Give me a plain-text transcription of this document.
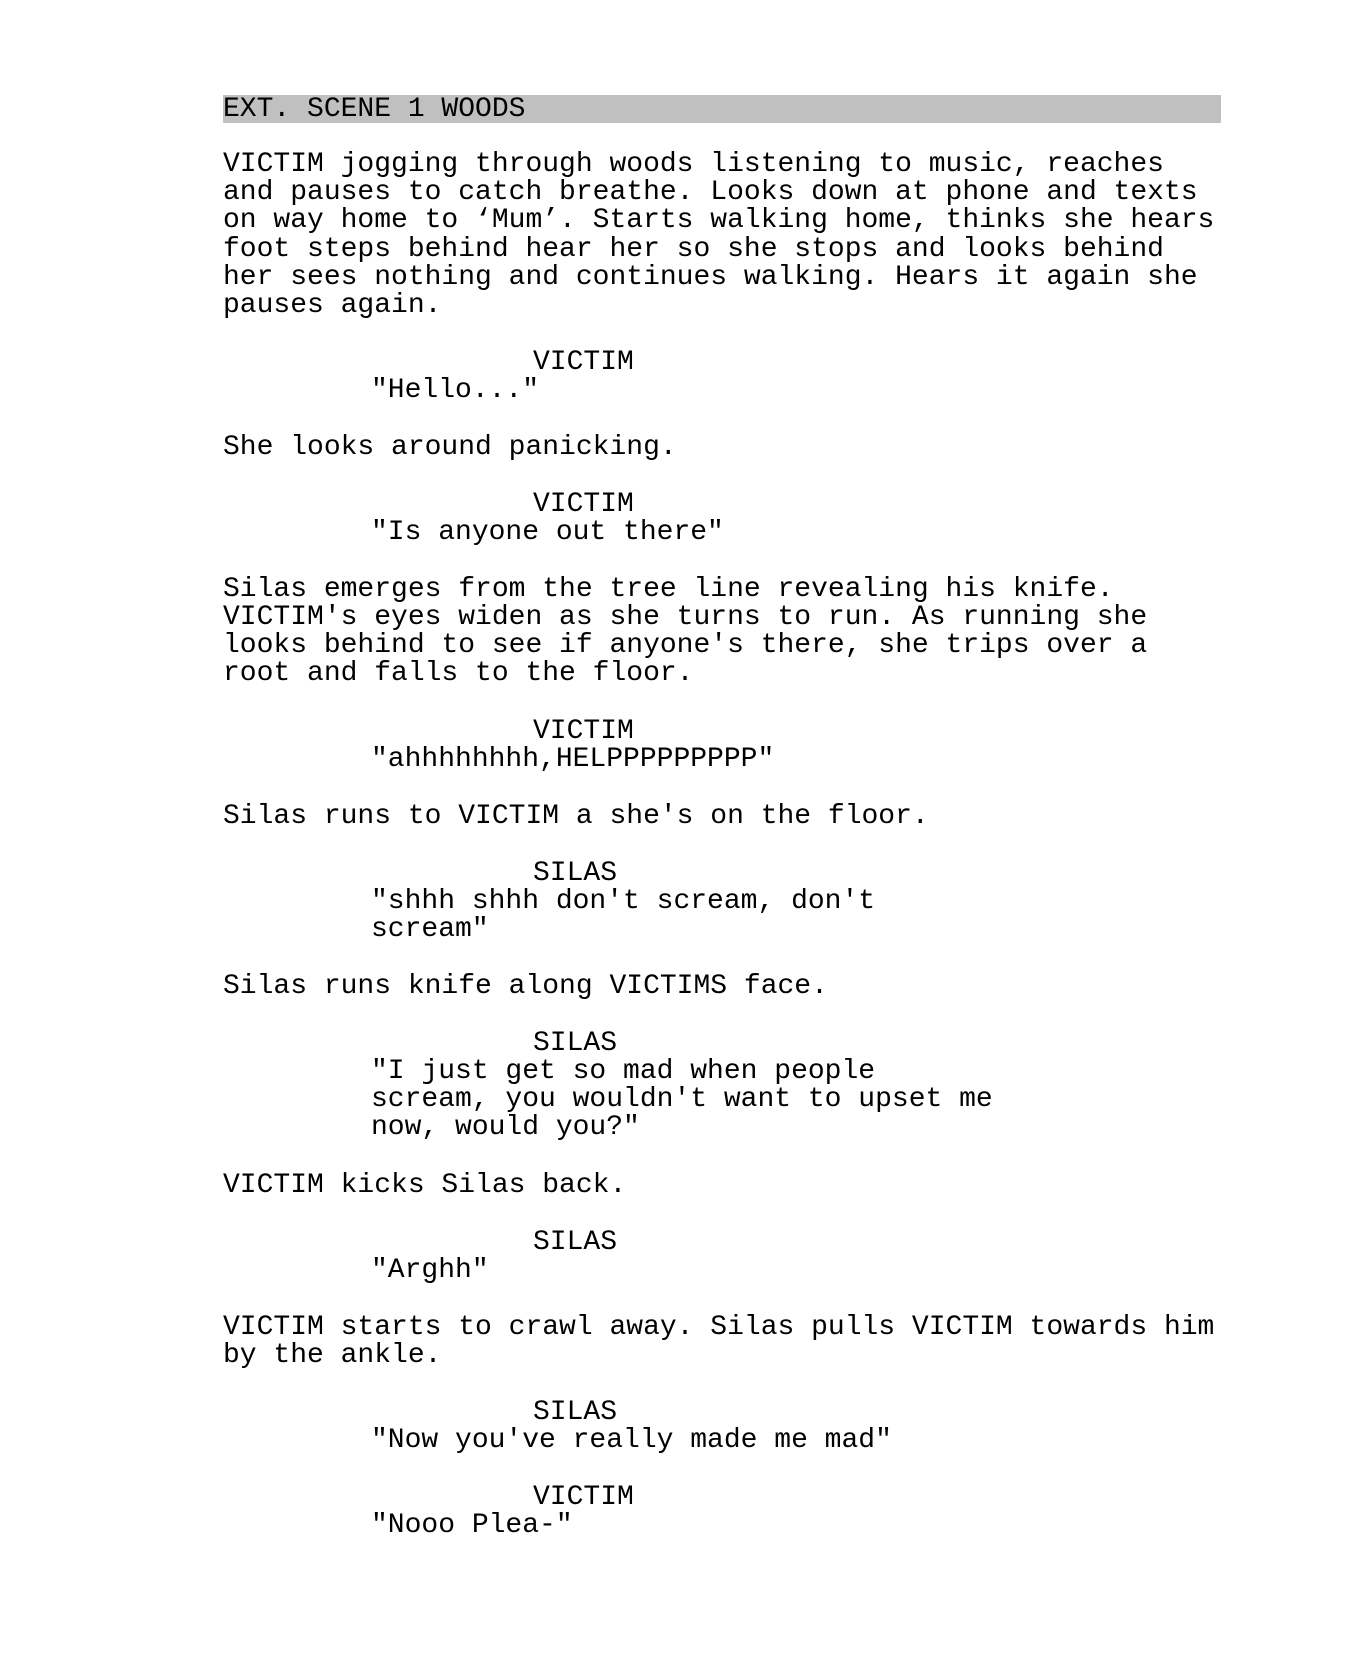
EXT. SCENE 1 WOODS
VICTIM jogging through woods listening to music, reaches
and pauses to catch breathe. Looks down at phone and texts
on way home to ‘Mum’. Starts walking home, thinks she hears
foot steps behind hear her so she stops and looks behind
her sees nothing and continues walking. Hears it again she
pauses again.
VICTIM
"Hello..."
She looks around panicking.
VICTIM
"Is anyone out there"
Silas emerges from the tree line revealing his knife.
VICTIM's eyes widen as she turns to run. As running she
looks behind to see if anyone's there, she trips over a
root and falls to the floor.
VICTIM
"ahhhhhhhh,HELPPPPPPPPP"
Silas runs to VICTIM a she's on the floor.
SILAS
"shhh shhh don't scream, don't
scream"
Silas runs knife along VICTIMS face.
SILAS
"I just get so mad when people
scream, you wouldn't want to upset me
now, would you?"
VICTIM kicks Silas back.
SILAS
"Arghh"
VICTIM starts to crawl away. Silas pulls VICTIM towards him
by the ankle.
SILAS
"Now you've really made me mad"
VICTIM
"Nooo Plea-"
